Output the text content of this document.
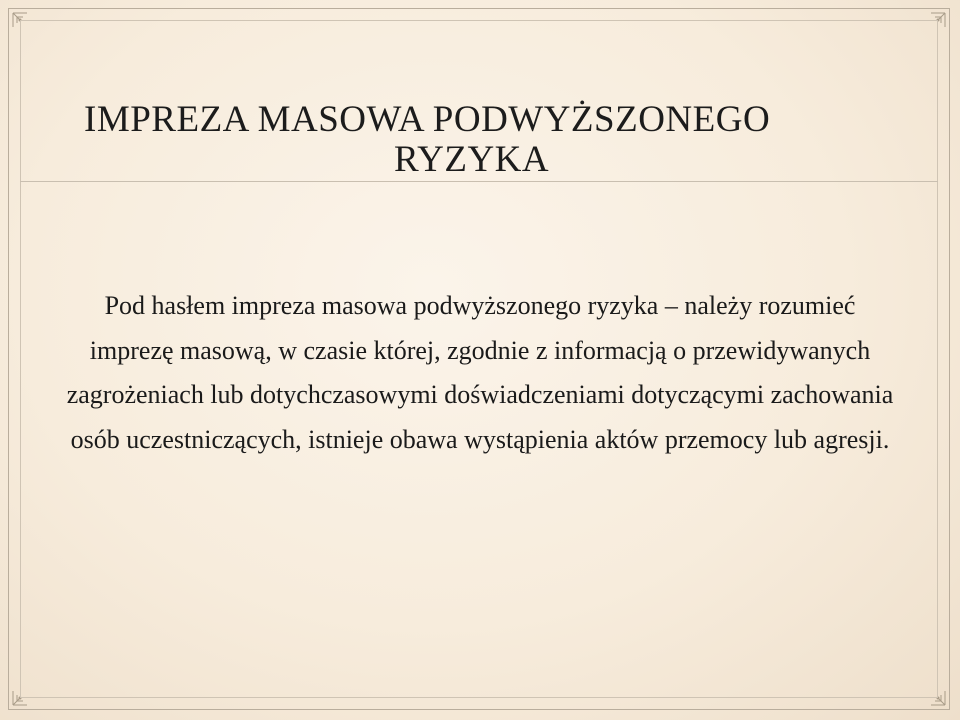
IMPREZA MASOWA PODWYŻSZONEGO
RYZYKA

Pod hasłem impreza masowa podwyższonego ryzyka – należy rozumieć imprezę masową, w czasie której, zgodnie z informacją o przewidywanych zagrożeniach lub dotychczasowymi doświadczeniami dotyczącymi zachowania osób uczestniczących, istnieje obawa wystąpienia aktów przemocy lub agresji.
